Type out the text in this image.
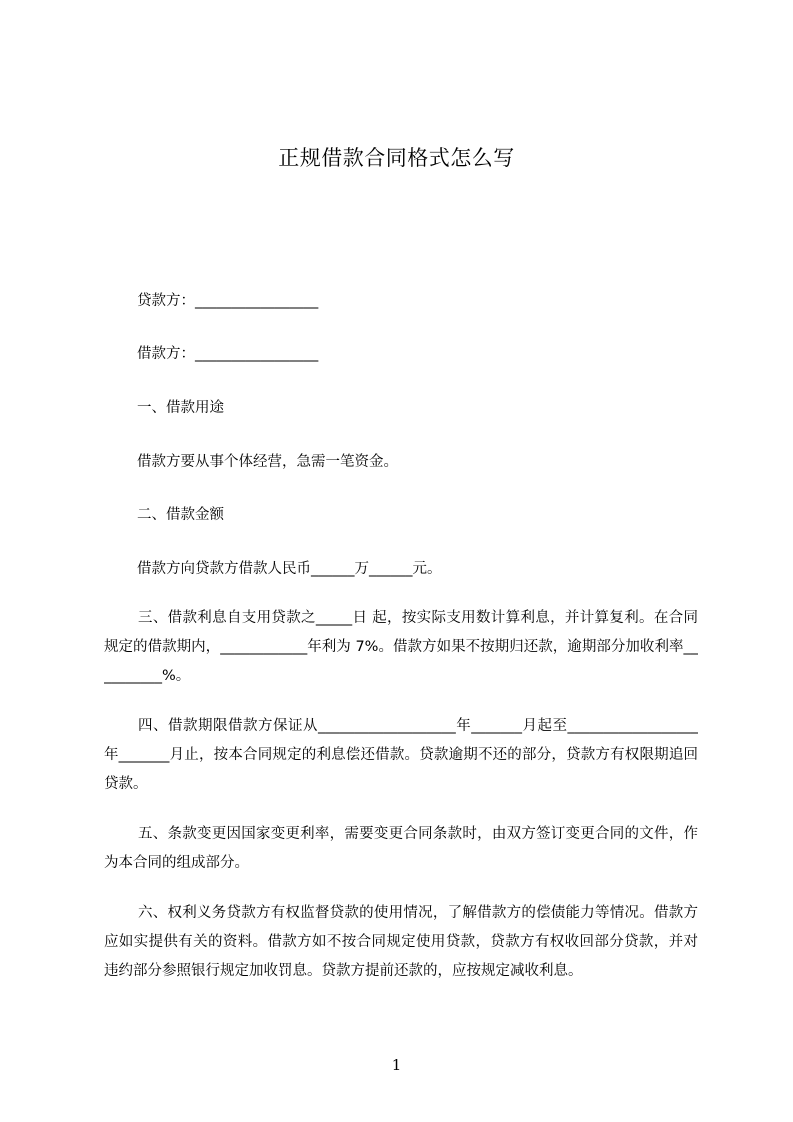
正规借款合同格式怎么写
贷款方：_________________
借款方：_________________
一、借款用途
借款方要从事个体经营，急需一笔资金。
二、借款金额
借款方向贷款方借款人民币______万______元。
三、借款利息自支用贷款之_____日 起，按实际支用数计算利息，并计算复利。在合同规定的借款期内，____________年利为 7%。借款方如果不按期归还款，逾期部分加收利率__________%。
四、借款期限借款方保证从___________________年_______月起至__________________年_______月止，按本合同规定的利息偿还借款。贷款逾期不还的部分，贷款方有权限期追回贷款。
五、条款变更因国家变更利率，需要变更合同条款时，由双方签订变更合同的文件，作为本合同的组成部分。
六、权利义务贷款方有权监督贷款的使用情况，了解借款方的偿债能力等情况。借款方应如实提供有关的资料。借款方如不按合同规定使用贷款，贷款方有权收回部分贷款，并对违约部分参照银行规定加收罚息。贷款方提前还款的，应按规定减收利息。
1
